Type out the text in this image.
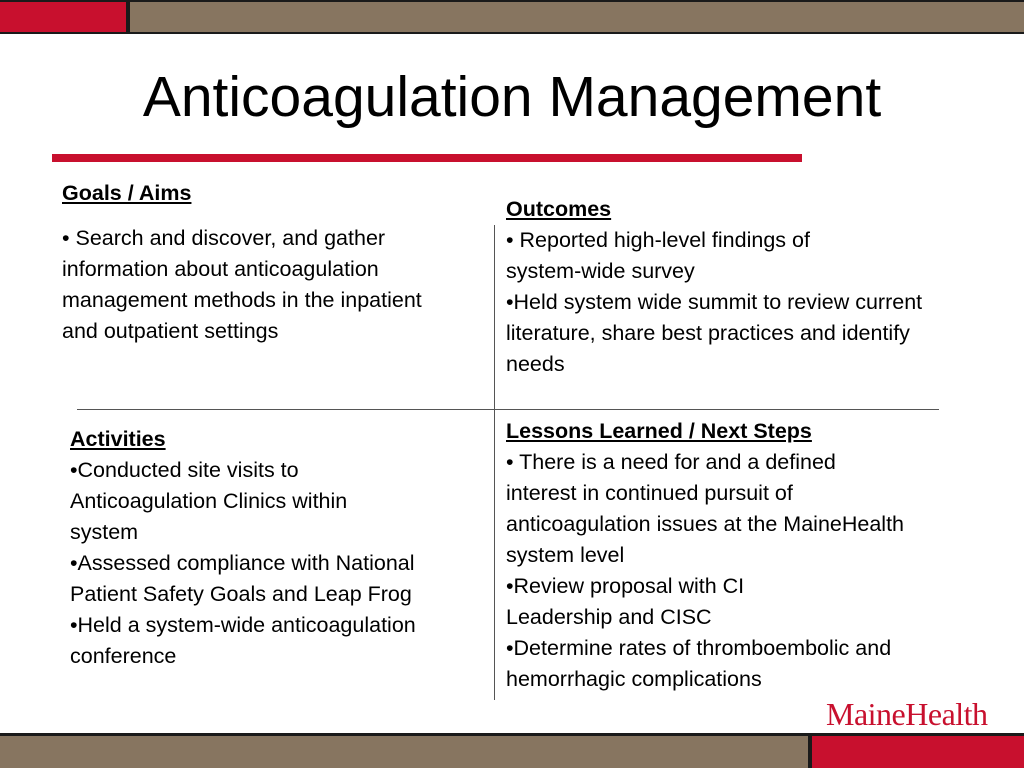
Anticoagulation Management
Goals / Aims

• Search and discover, and gather information about anticoagulation management methods in the inpatient and outpatient settings

Outcomes

• Reported high-level findings of system-wide survey

•Held system wide summit to review current literature, share best practices and identify needs

Activities

•Conducted site visits to Anticoagulation Clinics within system

•Assessed compliance with National Patient Safety Goals and Leap Frog

•Held a system-wide anticoagulation conference

Lessons Learned / Next Steps

• There is a need for and a defined interest in continued pursuit of anticoagulation issues at the MaineHealth system level

•Review proposal with CI Leadership and CISC

•Determine rates of thromboembolic and hemorrhagic complications

MaineHealth
